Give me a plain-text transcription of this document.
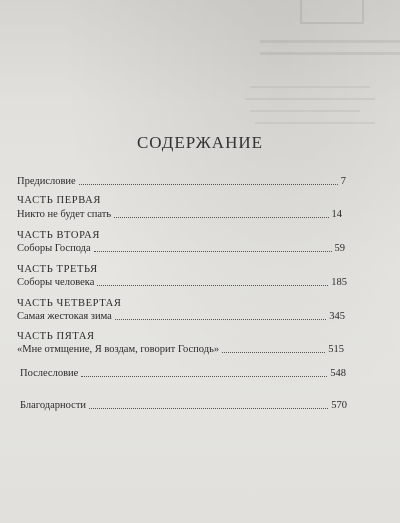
СОДЕРЖАНИЕ
Предисловие	7
ЧАСТЬ ПЕРВАЯ
Никто не будет спать	14
ЧАСТЬ ВТОРАЯ
Соборы Господа	59
ЧАСТЬ ТРЕТЬЯ
Соборы человека	185
ЧАСТЬ ЧЕТВЕРТАЯ
Самая жестокая зима	345
ЧАСТЬ ПЯТАЯ
«Мне отмщение, Я воздам, говорит Господь»	515
Послесловие	548
Благодарности	570
